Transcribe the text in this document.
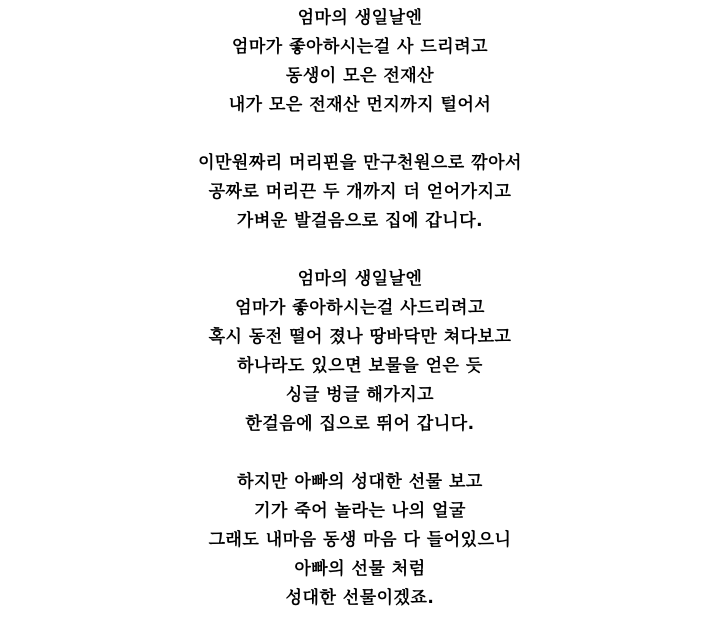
엄마의 생일날엔
엄마가 좋아하시는걸 사 드리려고
동생이 모은 전재산
내가 모은 전재산 먼지까지 털어서
이만원짜리 머리핀을 만구천원으로 깎아서
공짜로 머리끈 두 개까지 더 얻어가지고
가벼운 발걸음으로 집에 갑니다.
엄마의 생일날엔
엄마가 좋아하시는걸 사드리려고
혹시 동전 떨어 졌나 땅바닥만 쳐다보고
하나라도 있으면 보물을 얻은 듯
싱글 벙글 해가지고
한걸음에 집으로 뛰어 갑니다.
하지만 아빠의 성대한 선물 보고
기가 죽어 놀라는 나의 얼굴
그래도 내마음 동생 마음 다 들어있으니
아빠의 선물 처럼
성대한 선물이겠죠.
